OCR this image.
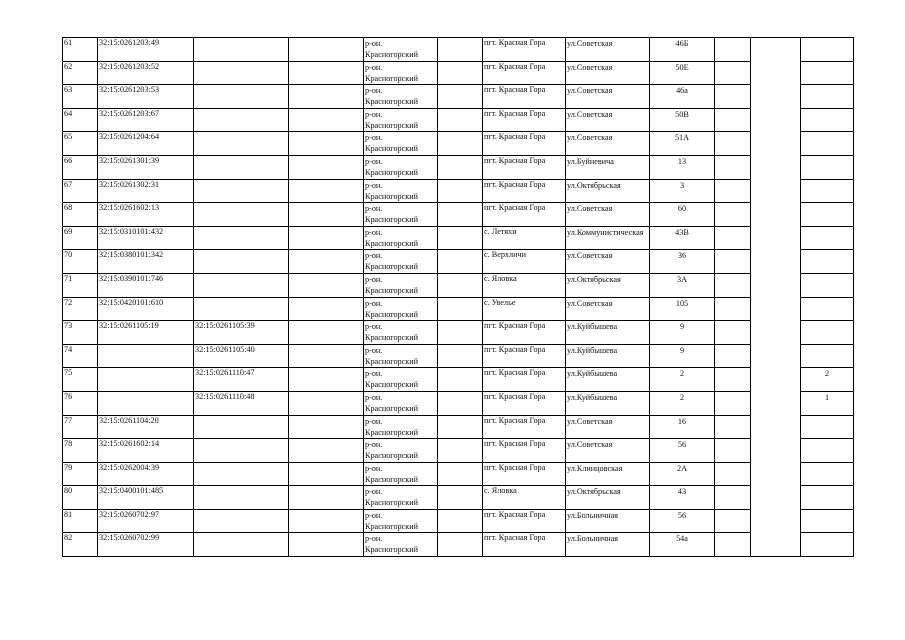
61	32:15:0261203:49			р-он. Красногорский		пгт. Красная Гора	ул.Советская	46Б			
62	32:15:0261203:52			р-он. Красногорский		пгт. Красная Гора	ул.Советская	50Е			
63	32:15:0261203:53			р-он. Красногорский		пгт. Красная Гора	ул.Советская	46а			
64	32:15:0261203:67			р-он. Красногорский		пгт. Красная Гора	ул.Советская	50В			
65	32:15:0261204:64			р-он. Красногорский		пгт. Красная Гора	ул.Советская	51А			
66	32:15:0261301:39			р-он. Красногорский		пгт. Красная Гора	ул.Буйневича	13			
67	32:15:0261302:31			р-он. Красногорский		пгт. Красная Гора	ул.Октябрьская	3			
68	32:15:0261602:13			р-он. Красногорский		пгт. Красная Гора	ул.Советская	60			
69	32:15:0310101:432			р-он. Красногорский		с. Летяхи	ул.Коммунистическая	43В			
70	32:15:0380101:342			р-он. Красногорский		с. Верхличи	ул.Советская	36			
71	32:15:0390101:746			р-он. Красногорский		с. Яловка	ул.Октябрьская	3А			
72	32:15:0420101:610			р-он. Красногорский		с. Увелье	ул.Советская	105			
73	32:15:0261105:19	32:15:0261105:39		р-он. Красногорский		пгт. Красная Гора	ул.Куйбышева	9			
74		32:15:0261105:40		р-он. Красногорский		пгт. Красная Гора	ул.Куйбышева	9			
75		32:15:0261110:47		р-он. Красногорский		пгт. Красная Гора	ул.Куйбышева	2			2
76		32:15:0261110:48		р-он. Красногорский		пгт. Красная Гора	ул.Куйбышева	2			1
77	32:15:0261104:20			р-он. Красногорский		пгт. Красная Гора	ул.Советская	16			
78	32:15:0261602:14			р-он. Красногорский		пгт. Красная Гора	ул.Советская	56			
79	32:15:0262004:39			р-он. Красногорский		пгт. Красная Гора	ул.Клинцовская	2А			
80	32:15:0400101:485			р-он. Красногорский		с. Яловка	ул.Октябрьская	43			
81	32:15:0260702:97			р-он. Красногорский		пгт. Красная Гора	ул.Больничная	56			
82	32:15:0260702:99			р-он. Красногорский		пгт. Красная Гора	ул.Больничная	54а			
